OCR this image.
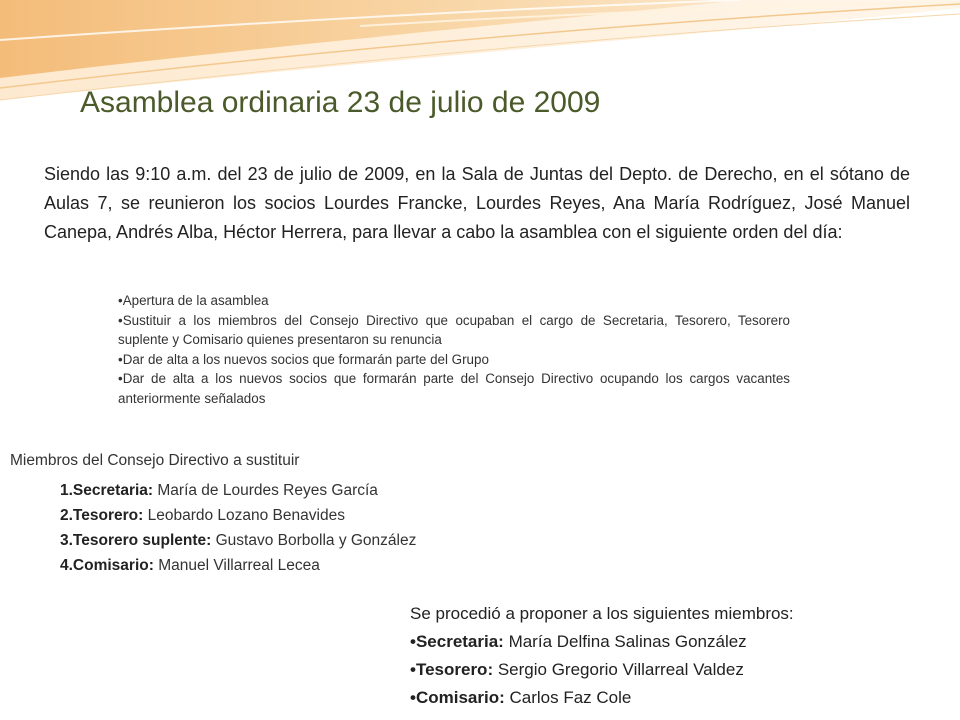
Asamblea ordinaria 23 de julio de 2009

Siendo las 9:10 a.m. del 23 de julio de 2009, en la Sala de Juntas del Depto. de Derecho, en el sótano de Aulas 7, se reunieron los socios Lourdes Francke, Lourdes Reyes, Ana María Rodríguez, José Manuel Canepa, Andrés Alba, Héctor Herrera, para llevar a cabo la asamblea con el siguiente orden del día:

•Apertura de la asamblea
•Sustituir a los miembros del Consejo Directivo que ocupaban el cargo de Secretaria, Tesorero, Tesorero suplente y Comisario quienes presentaron su renuncia
•Dar de alta a los nuevos socios que formarán parte del Grupo
•Dar de alta a los nuevos socios que formarán parte del Consejo Directivo ocupando los cargos vacantes anteriormente señalados

Miembros del Consejo Directivo a sustituir

1.Secretaria: María de Lourdes Reyes García
2.Tesorero: Leobardo Lozano Benavides
3.Tesorero suplente: Gustavo Borbolla y González
4.Comisario: Manuel Villarreal Lecea
Se procedió a proponer a los siguientes miembros:
•Secretaria: María Delfina Salinas González
•Tesorero: Sergio Gregorio Villarreal Valdez
•Comisario: Carlos Faz Cole
